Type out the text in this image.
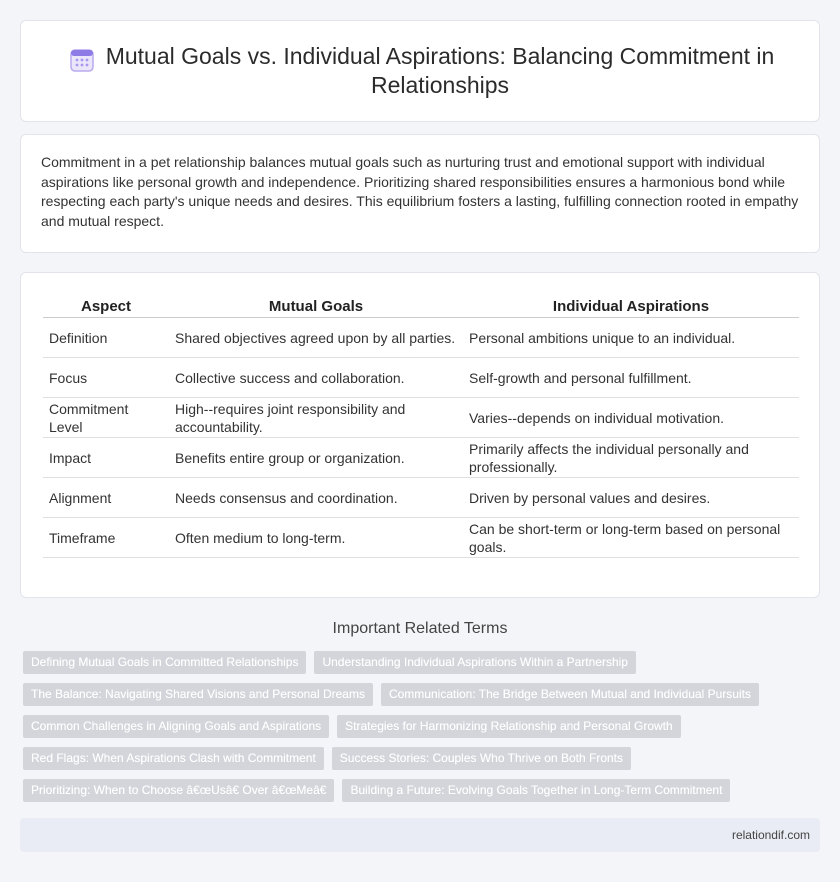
Mutual Goals vs. Individual Aspirations: Balancing Commitment in Relationships

Commitment in a pet relationship balances mutual goals such as nurturing trust and emotional support with individual aspirations like personal growth and independence. Prioritizing shared responsibilities ensures a harmonious bond while respecting each party's unique needs and desires. This equilibrium fosters a lasting, fulfilling connection rooted in empathy and mutual respect.

Aspect	Mutual Goals	Individual Aspirations
Definition	Shared objectives agreed upon by all parties.	Personal ambitions unique to an individual.
Focus	Collective success and collaboration.	Self-growth and personal fulfillment.
Commitment Level	High--requires joint responsibility and accountability.	Varies--depends on individual motivation.
Impact	Benefits entire group or organization.	Primarily affects the individual personally and professionally.
Alignment	Needs consensus and coordination.	Driven by personal values and desires.
Timeframe	Often medium to long-term.	Can be short-term or long-term based on personal goals.
Important Related Terms
Defining Mutual Goals in Committed Relationships	Understanding Individual Aspirations Within a Partnership
The Balance: Navigating Shared Visions and Personal Dreams	Communication: The Bridge Between Mutual and Individual Pursuits
Common Challenges in Aligning Goals and Aspirations	Strategies for Harmonizing Relationship and Personal Growth
Red Flags: When Aspirations Clash with Commitment	Success Stories: Couples Who Thrive on Both Fronts
Prioritizing: When to Choose â€œUsâ€ Over â€œMeâ€	Building a Future: Evolving Goals Together in Long-Term Commitment
relationdif.com
